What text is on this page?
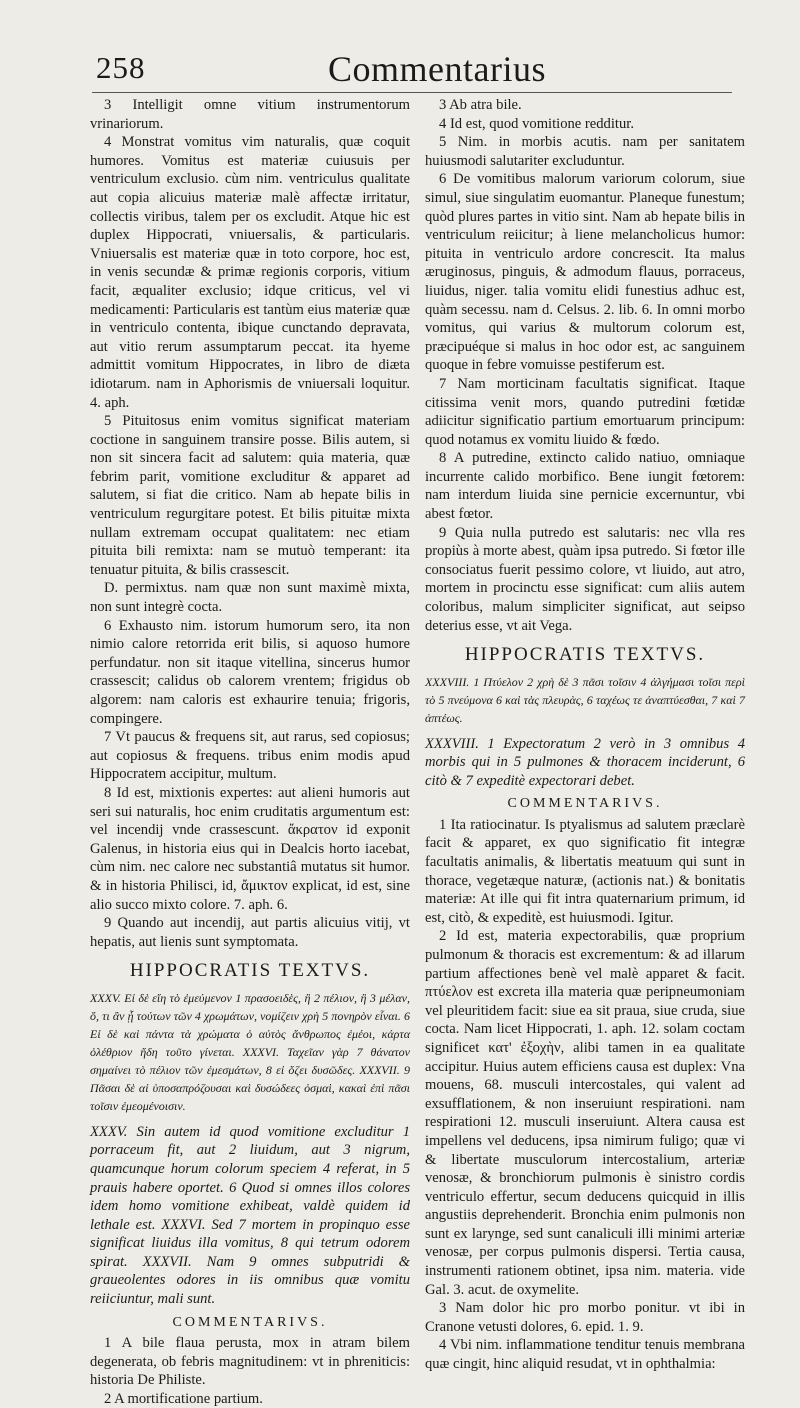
258	Commentarius

3 Intelligit omne vitium instrumentorum vrinariorum.

4 Monstrat vomitus vim naturalis, quæ coquit humores. Vomitus est materiæ cuiusuis per ventriculum exclusio. cùm nim. ventriculus qualitate aut copia alicuius materiæ malè affectæ irritatur, collectis viribus, talem per os excludit. Atque hic est duplex Hippocrati, vniuersalis, & particularis. Vniuersalis est materiæ quæ in toto corpore, hoc est, in venis secundæ & primæ regionis corporis, vitium facit, æqualiter exclusio; idque criticus, vel vi medicamenti: Particularis est tantùm eius materiæ quæ in ventriculo contenta, ibique cunctando depravata, aut vitio rerum assumptarum peccat. ita hyeme admittit vomitum Hippocrates, in libro de diæta idiotarum. nam in Aphorismis de vniuersali loquitur. 4. aph.

5 Pituitosus enim vomitus significat materiam coctione in sanguinem transire posse. Bilis autem, si non sit sincera facit ad salutem: quia materia, quæ febrim parit, vomitione excluditur & apparet ad salutem, si fiat die critico. Nam ab hepate bilis in ventriculum regurgitare potest. Et bilis pituitæ mixta nullam extremam occupat qualitatem: nec etiam pituita bili remixta: nam se mutuò temperant: ita tenuatur pituita, & bilis crassescit.

D. permixtus. nam quæ non sunt maximè mixta, non sunt integrè cocta.

6 Exhausto nim. istorum humorum sero, ita non nimio calore retorrida erit bilis, si aquoso humore perfundatur. non sit itaque vitellina, sincerus humor crassescit; calidus ob calorem vrentem; frigidus ob algorem: nam caloris est exhaurire tenuia; frigoris, compingere.

7 Vt paucus & frequens sit, aut rarus, sed copiosus; aut copiosus & frequens. tribus enim modis apud Hippocratem accipitur, multum.

8 Id est, mixtionis expertes: aut alieni humoris aut seri sui naturalis, hoc enim cruditatis argumentum est: vel incendij vnde crassescunt. ἄκρατον id exponit Galenus, in historia eius qui in Dealcis horto iacebat, cùm nim. nec calore nec substantiâ mutatus sit humor. & in historia Philisci, id, ἄμικτον explicat, id est, sine alio succo mixto colore. 7. aph. 6.

9 Quando aut incendij, aut partis alicuius vitij, vt hepatis, aut lienis sunt symptomata.

HIPPOCRATIS TEXTVS.

XXXV. Εἰ δὲ εἴη τὸ ἐμεύμενον 1 πρασοειδὲς, ἢ 2 πέλιον, ἢ 3 μέλαν, ὅ, τι ἂν ᾖ τούτων τῶν 4 χρωμάτων, νομίζειν χρὴ 5 πονηρὸν εἶναι. 6 Εἰ δὲ καὶ πάντα τὰ χρώματα ὁ αὐτὸς ἄνθρωπος ἐμέοι, κάρτα ὀλέθριον ἤδη τοῦτο γίνεται. XXXVI. Ταχεῖαν γὰρ 7 θάνατον σημαίνει τὸ πέλιον τῶν ἐμεσμάτων, 8 εἰ ὄζει δυσῶδες. XXXVII. 9 Πᾶσαι δὲ αἱ ὑποσαπρόζουσαι καὶ δυσώδεες ὀσμαὶ, κακαὶ ἐπὶ πᾶσι τοῖσιν ἐμεομένοισιν.

XXXV. Sin autem id quod vomitione excluditur 1 porraceum fit, aut 2 liuidum, aut 3 nigrum, quamcunque horum colorum speciem 4 referat, in 5 prauis habere oportet. 6 Quod si omnes illos colores idem homo vomitione exhibeat, valdè quidem id lethale est. XXXVI. Sed 7 mortem in propinquo esse significat liuidus illa vomitus, 8 qui tetrum odorem spirat. XXXVII. Nam 9 omnes subputridi & graueolentes odores in iis omnibus quæ vomitu reiiciuntur, mali sunt.

COMMENTARIVS.

1 A bile flaua perusta, mox in atram bilem degenerata, ob febris magnitudinem: vt in phreniticis: historia De Philiste.

2 A mortificatione partium.

3 Ab atra bile.

4 Id est, quod vomitione redditur.

5 Nim. in morbis acutis. nam per sanitatem huiusmodi salutariter excluduntur.

6 De vomitibus malorum variorum colorum, siue simul, siue singulatim euomantur. Planeque funestum; quòd plures partes in vitio sint. Nam ab hepate bilis in ventriculum reiicitur; à liene melancholicus humor: pituita in ventriculo ardore concrescit. Ita malus æruginosus, pinguis, & admodum flauus, porraceus, liuidus, niger. talia vomitu elidi funestius adhuc est, quàm secessu. nam d. Celsus. 2. lib. 6. In omni morbo vomitus, qui varius & multorum colorum est, præcipuéque si malus in hoc odor est, ac sanguinem quoque in febre vomuisse pestiferum est.

7 Nam morticinam facultatis significat. Itaque citissima venit mors, quando putredini fœtidæ adiicitur significatio partium emortuarum principum: quod notamus ex vomitu liuido & fœdo.

8 A putredine, extincto calido natiuo, omniaque incurrente calido morbifico. Bene iungit fœtorem: nam interdum liuida sine pernicie excernuntur, vbi abest fœtor.

9 Quia nulla putredo est salutaris: nec vlla res propiùs à morte abest, quàm ipsa putredo. Si fœtor ille consociatus fuerit pessimo colore, vt liuido, aut atro, mortem in procinctu esse significat: cum aliis autem coloribus, malum simpliciter significat, aut seipso deterius esse, vt ait Vega.

HIPPOCRATIS TEXTVS.

XXXVIII. 1 Πτύελον 2 χρὴ δὲ 3 πᾶσι τοῖσιν 4 ἀλγήμασι τοῖσι περὶ τὸ 5 πνεύμονα 6 καὶ τὰς πλευρὰς, 6 ταχέως τε ἀναπτύεσθαι, 7 καὶ 7 ἀπτέως.

XXXVIII. 1 Expectoratum 2 verò in 3 omnibus 4 morbis qui in 5 pulmones & thoracem inciderunt, 6 citò & 7 expeditè expectorari debet.

COMMENTARIVS.

1 Ita ratiocinatur. Is ptyalismus ad salutem præclarè facit & apparet, ex quo significatio fit integræ facultatis animalis, & libertatis meatuum qui sunt in thorace, vegetæque naturæ, (actionis nat.) & bonitatis materiæ: At ille qui fit intra quaternarium primum, id est, citò, & expeditè, est huiusmodi. Igitur.

2 Id est, materia expectorabilis, quæ proprium pulmonum & thoracis est excrementum: & ad illarum partium affectiones benè vel malè apparet & facit. πτύελον est excreta illa materia quæ peripneumoniam vel pleuritidem facit: siue ea sit praua, siue cruda, siue cocta. Nam licet Hippocrati, 1. aph. 12. solam coctam significet κατ' ἐξοχὴν, alibi tamen in ea qualitate accipitur. Huius autem efficiens causa est duplex: Vna mouens, 68. musculi intercostales, qui valent ad exsufflationem, & non inseruiunt respirationi. nam respirationi 12. musculi inseruiunt. Altera causa est impellens vel deducens, ipsa nimirum fuligo; quæ vi & libertate musculorum intercostalium, arteriæ venosæ, & bronchiorum pulmonis è sinistro cordis ventriculo effertur, secum deducens quicquid in illis angustiis deprehenderit. Bronchia enim pulmonis non sunt ex larynge, sed sunt canaliculi illi minimi arteriæ venosæ, per corpus pulmonis dispersi. Tertia causa, instrumenti rationem obtinet, ipsa nim. materia. vide Gal. 3. acut. de oxymelite.

3 Nam dolor hic pro morbo ponitur. vt ibi in Cranone vetusti dolores, 6. epid. 1. 9.

4 Vbi nim. inflammatione tenditur tenuis membrana quæ cingit, hinc aliquid resudat, vt in ophthalmia:
